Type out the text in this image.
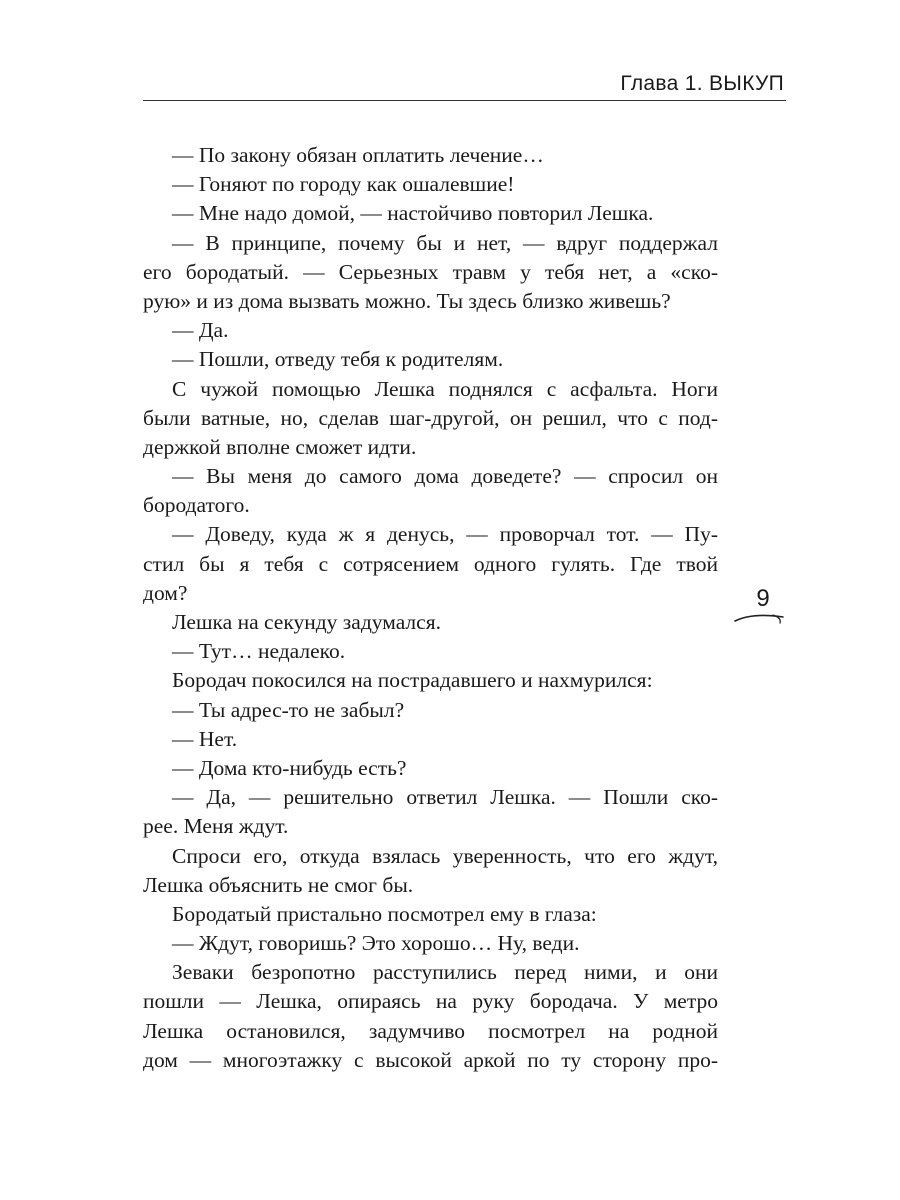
Глава 1. ВЫКУП
9
— По закону обязан оплатить лечение…
— Гоняют по городу как ошалевшие!
— Мне надо домой, — настойчиво повторил Лешка.
— В принципе, почему бы и нет, — вдруг поддержал
его бородатый. — Серьезных травм у тебя нет, а «ско-
рую» и из дома вызвать можно. Ты здесь близко живешь?
— Да.
— Пошли, отведу тебя к родителям.
С чужой помощью Лешка поднялся с асфальта. Ноги
были ватные, но, сделав шаг-другой, он решил, что с под-
держкой вполне сможет идти.
— Вы меня до самого дома доведете? — спросил он
бородатого.
— Доведу, куда ж я денусь, — проворчал тот. — Пу-
стил бы я тебя с сотрясением одного гулять. Где твой
дом?
Лешка на секунду задумался.
— Тут… недалеко.
Бородач покосился на пострадавшего и нахмурился:
— Ты адрес-то не забыл?
— Нет.
— Дома кто-нибудь есть?
— Да, — решительно ответил Лешка. — Пошли ско-
рее. Меня ждут.
Спроси его, откуда взялась уверенность, что его ждут,
Лешка объяснить не смог бы.
Бородатый пристально посмотрел ему в глаза:
— Ждут, говоришь? Это хорошо… Ну, веди.
Зеваки безропотно расступились перед ними, и они
пошли — Лешка, опираясь на руку бородача. У метро
Лешка остановился, задумчиво посмотрел на родной
дом — многоэтажку с высокой аркой по ту сторону про-
